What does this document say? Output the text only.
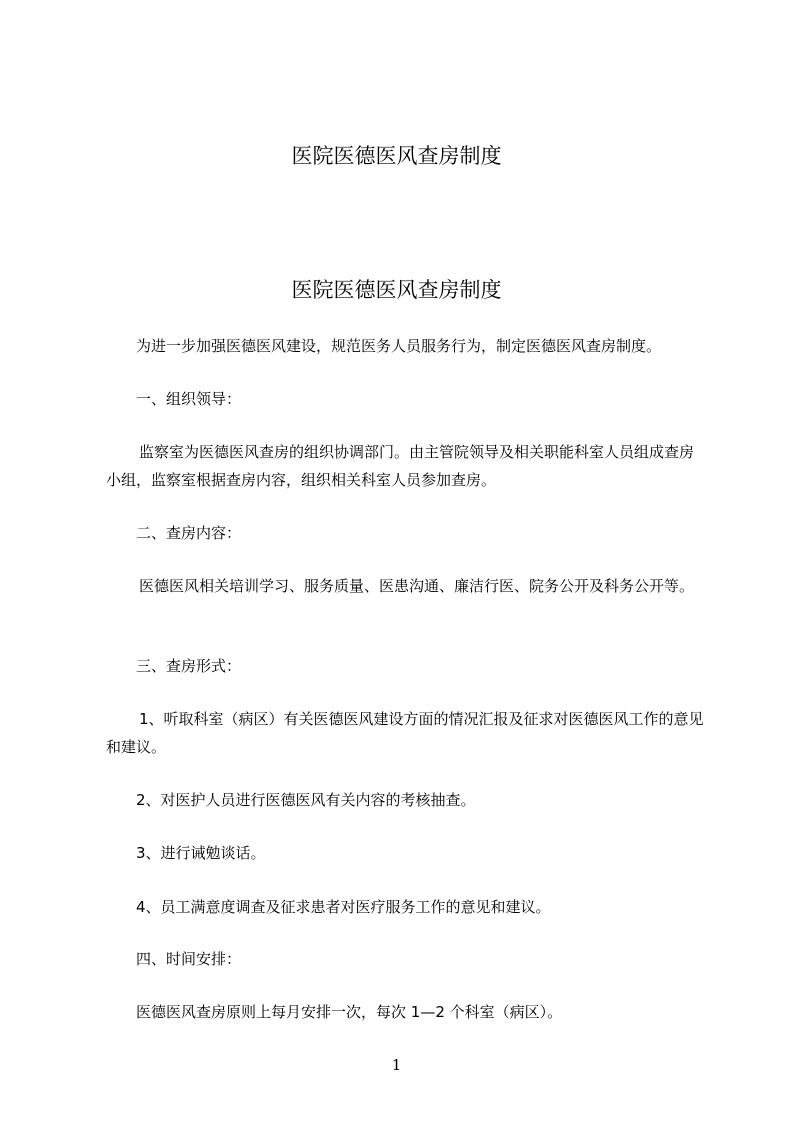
医院医德医风查房制度
医院医德医风查房制度

为进一步加强医德医风建设，规范医务人员服务行为，制定医德医风查房制度。

一、组织领导：

监察室为医德医风查房的组织协调部门。由主管院领导及相关职能科室人员组成查房小组，监察室根据查房内容，组织相关科室人员参加查房。

二、查房内容：

医德医风相关培训学习、服务质量、医患沟通、廉洁行医、院务公开及科务公开等。

三、查房形式：

1、听取科室（病区）有关医德医风建设方面的情况汇报及征求对医德医风工作的意见和建议。

2、对医护人员进行医德医风有关内容的考核抽查。

3、进行诫勉谈话。

4、员工满意度调查及征求患者对医疗服务工作的意见和建议。

四、时间安排：

医德医风查房原则上每月安排一次，每次 1—2 个科室（病区）。

1
